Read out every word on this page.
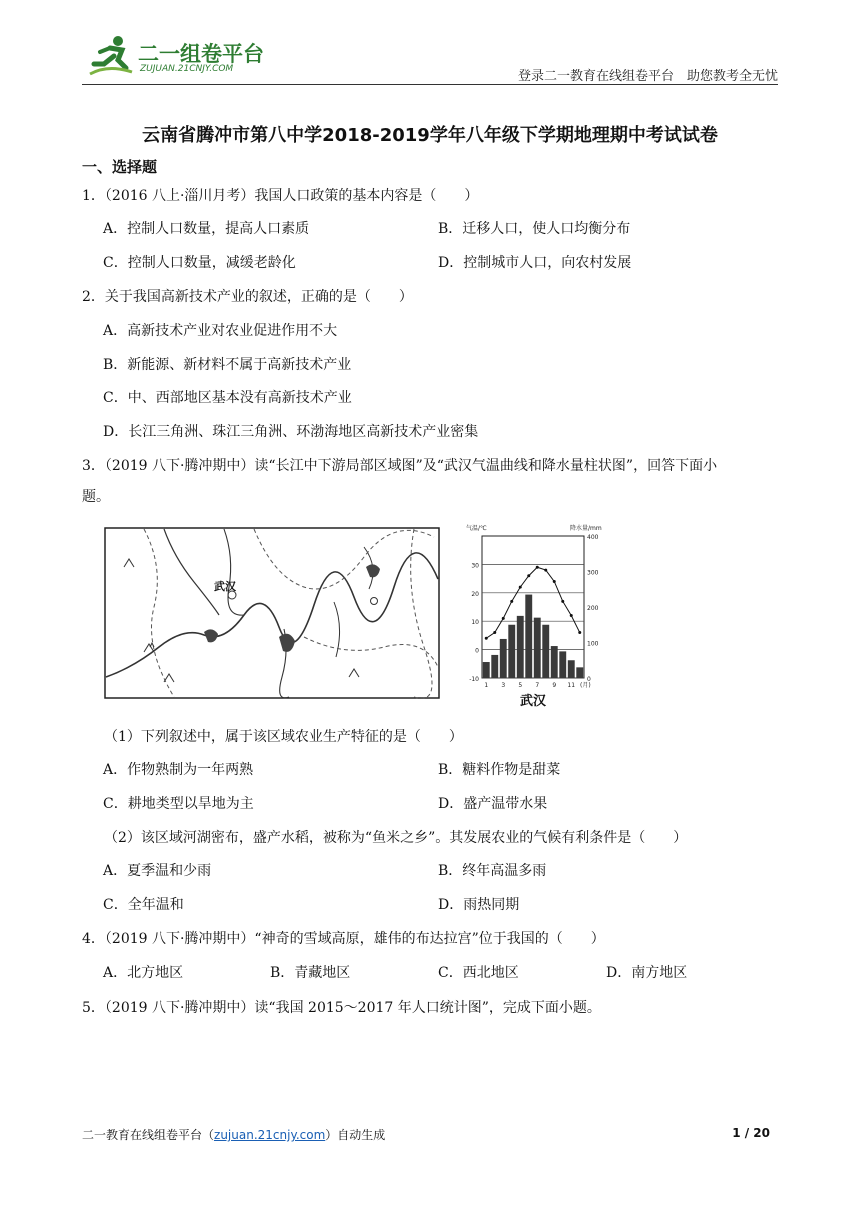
二一组卷平台
ZUJUAN.21CNJY.COM	登录二一教育在线组卷平台　助您教考全无忧
云南省腾冲市第八中学2018-2019学年八年级下学期地理期中考试试卷
一、选择题
1．（2016 八上·淄川月考）我国人口政策的基本内容是（　　）
A．控制人口数量，提高人口素质	B．迁移人口，使人口均衡分布
C．控制人口数量，减缓老龄化	D．控制城市人口，向农村发展
2．关于我国高新技术产业的叙述，正确的是（　　）
A．高新技术产业对农业促进作用不大
B．新能源、新材料不属于高新技术产业
C．中、西部地区基本没有高新技术产业
D．长江三角洲、珠江三角洲、环渤海地区高新技术产业密集
3．（2019 八下·腾冲期中）读“长江中下游局部区域图”及“武汉气温曲线和降水量柱状图”，回答下面小
题。
武汉
30
20
10
0
-10
400
300
200
100
0
气温/℃	降水量/mm
1 3 5 7 9 11 (月)
武汉
（1）下列叙述中，属于该区域农业生产特征的是（　　）
A．作物熟制为一年两熟	B．糖料作物是甜菜
C．耕地类型以旱地为主	D．盛产温带水果
（2）该区域河湖密布，盛产水稻，被称为“鱼米之乡”。其发展农业的气候有利条件是（　　）
A．夏季温和少雨	B．终年高温多雨
C．全年温和	D．雨热同期
4．（2019 八下·腾冲期中）“神奇的雪域高原，雄伟的布达拉宫”位于我国的（　　）
A．北方地区	B．青藏地区	C．西北地区	D．南方地区
5．（2019 八下·腾冲期中）读“我国 2015～2017 年人口统计图”，完成下面小题。
二一教育在线组卷平台（zujuan.21cnjy.com）自动生成	1 / 20
